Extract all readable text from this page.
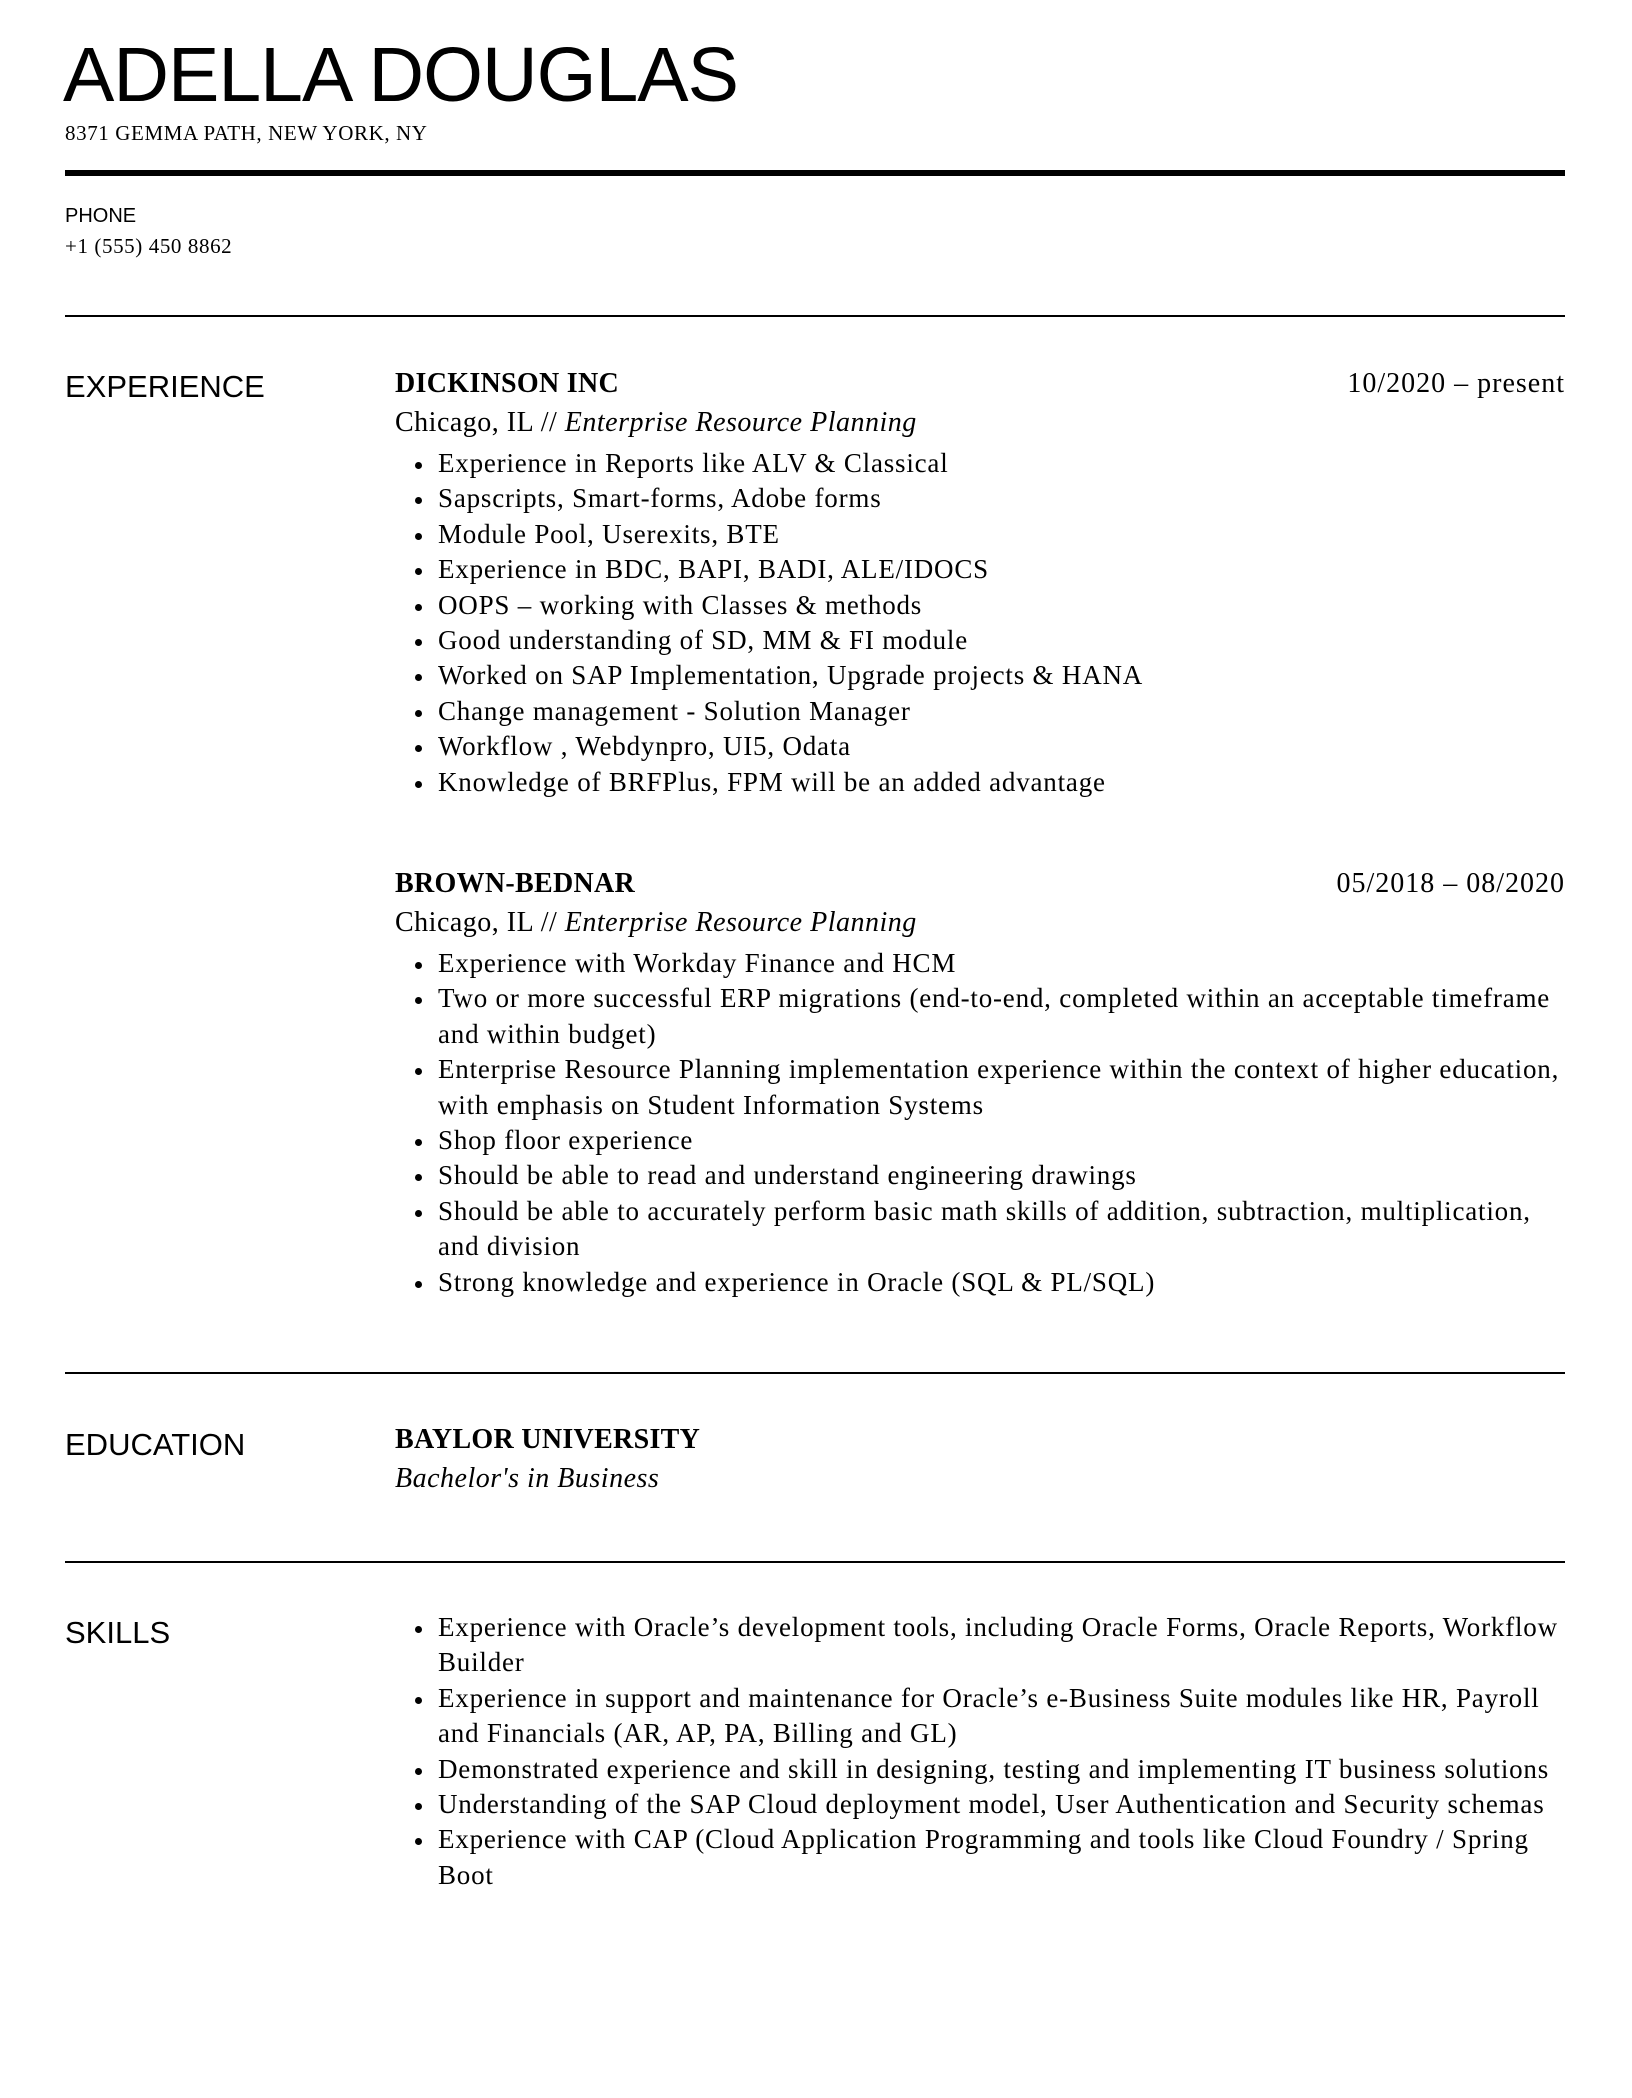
ADELLA DOUGLAS
8371 GEMMA PATH, NEW YORK, NY
PHONE
+1 (555) 450 8862
EXPERIENCE	DICKINSON INC	10/2020 – present
Chicago, IL // Enterprise Resource Planning
Experience in Reports like ALV & Classical
Sapscripts, Smart-forms, Adobe forms
Module Pool, Userexits, BTE
Experience in BDC, BAPI, BADI, ALE/IDOCS
OOPS – working with Classes & methods
Good understanding of SD, MM & FI module
Worked on SAP Implementation, Upgrade projects & HANA
Change management - Solution Manager
Workflow , Webdynpro, UI5, Odata
Knowledge of BRFPlus, FPM will be an added advantage
BROWN-BEDNAR	05/2018 – 08/2020
Chicago, IL // Enterprise Resource Planning
Experience with Workday Finance and HCM
Two or more successful ERP migrations (end-to-end, completed within an acceptable timeframe and within budget)
Enterprise Resource Planning implementation experience within the context of higher education, with emphasis on Student Information Systems
Shop floor experience
Should be able to read and understand engineering drawings
Should be able to accurately perform basic math skills of addition, subtraction, multiplication, and division
Strong knowledge and experience in Oracle (SQL & PL/SQL)
EDUCATION	BAYLOR UNIVERSITY
Bachelor's in Business
SKILLS	Experience with Oracle’s development tools, including Oracle Forms, Oracle Reports, Workflow Builder
Experience in support and maintenance for Oracle’s e-Business Suite modules like HR, Payroll and Financials (AR, AP, PA, Billing and GL)
Demonstrated experience and skill in designing, testing and implementing IT business solutions
Understanding of the SAP Cloud deployment model, User Authentication and Security schemas
Experience with CAP (Cloud Application Programming and tools like Cloud Foundry / Spring Boot
